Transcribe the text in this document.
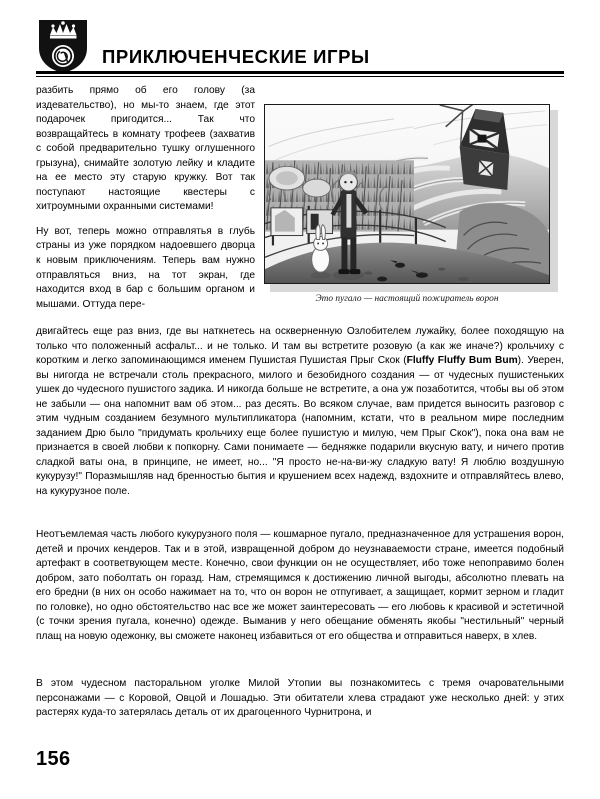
ПРИКЛЮЧЕНЧЕСКИЕ ИГРЫ

разбить прямо об его голову (за издевательство), но мы-то знаем, где этот подарочек пригодится... Так что возвращайтесь в комнату трофеев (захватив с собой предварительно тушку оглушенного грызуна), снимайте золотую лейку и кладите на ее место эту старую кружку. Вот так поступают настоящие квестеры с хитроумными охранными системами!

Ну вот, теперь можно отправлятья в глубь страны из уже порядком надоевшего дворца к новым приключениям. Теперь вам нужно отправляться вниз, на тот экран, где находится вход в бар с большим органом и мышами. Оттуда пере-	Это пугало — настоящий пожиратель ворон

двигайтесь еще раз вниз, где вы наткнетесь на оскверненную Озлобителем лужайку, более походящую на только что положенный асфальт... и не только. И там вы встретите розовую (а как же иначе?) крольчиху с коротким и легко запоминающимся именем Пушистая Пушистая Прыг Скок (Fluffy Fluffy Bum Bum). Уверен, вы нигогда не встречали столь прекрасного, милого и безобидного создания — от чудесных пушистеньких ушек до чудесного пушистого задика. И никогда больше не встретите, а она уж позаботится, чтобы вы об этом не забыли — она напомнит вам об этом... раз десять. Во всяком случае, вам придется выносить разговор с этим чудным созданием безумного мультипликатора (напомним, кстати, что в реальном мире последним заданием Дрю было "придумать крольчиху еще более пушистую и милую, чем Прыг Скок"), пока она вам не признается в своей любви к попкорну. Сами понимаете — бедняжке подарили вкусную вату, и ничего против сладкой ваты она, в принципе, не имеет, но... "Я просто не-на-ви-жу сладкую вату! Я люблю воздушную кукурузу!" Поразмышляв над бренностью бытия и крушением всех надежд, вздохните и отправляйтесь влево, на кукурузное поле.

Неотъемлемая часть любого кукурузного поля — кошмарное пугало, предназначенное для устрашения ворон, детей и прочих кендеров. Так и в этой, извращенной добром до неузнаваемости стране, имеется подобный артефакт в соответвующем месте. Конечно, свои функции он не осуществляет, ибо тоже непоправимо болен добром, зато поболтать он горазд. Нам, стремящимся к достижению личной выгоды, абсолютно плевать на его бредни (в них он особо нажимает на то, что он ворон не отпугивает, а защищает, кормит зерном и гладит по головке), но одно обстоятельство нас все же может заинтересовать — его любовь к красивой и эстетичной (с точки зрения пугала, конечно) одежде. Выманив у него обещание обменять якобы "нестильный" черный плащ на новую одежонку, вы сможете наконец избавиться от его общества и отправиться наверх, в хлев.

В этом чудесном пасторальном уголке Милой Утопии вы познакомитесь с тремя очаровательными персонажами — с Коровой, Овцой и Лошадью. Эти обитатели хлева страдают уже несколько дней: у этих растерях куда-то затерялась деталь от их драгоценного Чурнитрона, и

156
